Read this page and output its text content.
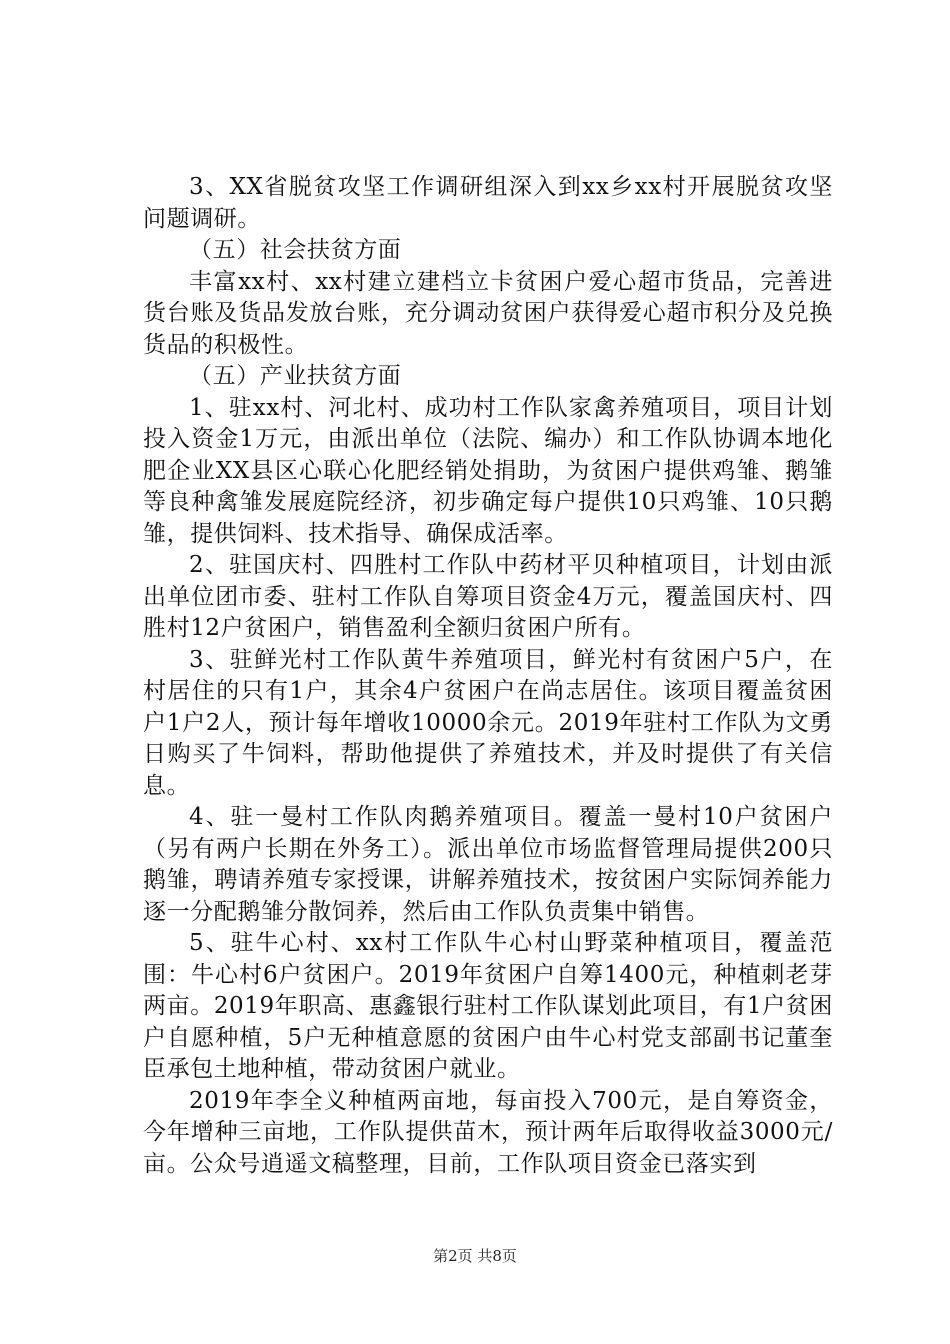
3、XX省脱贫攻坚工作调研组深入到xx乡xx村开展脱贫攻坚问题调研。

（五）社会扶贫方面

丰富xx村、xx村建立建档立卡贫困户爱心超市货品，完善进货台账及货品发放台账，充分调动贫困户获得爱心超市积分及兑换货品的积极性。

（五）产业扶贫方面

1、驻xx村、河北村、成功村工作队家禽养殖项目，项目计划投入资金1万元，由派出单位（法院、编办）和工作队协调本地化肥企业XX县区心联心化肥经销处捐助，为贫困户提供鸡雏、鹅雏等良种禽雏发展庭院经济，初步确定每户提供10只鸡雏、10只鹅雏，提供饲料、技术指导、确保成活率。

2、驻国庆村、四胜村工作队中药材平贝种植项目，计划由派出单位团市委、驻村工作队自筹项目资金4万元，覆盖国庆村、四胜村12户贫困户，销售盈利全额归贫困户所有。

3、驻鲜光村工作队黄牛养殖项目，鲜光村有贫困户5户，在村居住的只有1户，其余4户贫困户在尚志居住。该项目覆盖贫困户1户2人，预计每年增收10000余元。2019年驻村工作队为文勇日购买了牛饲料，帮助他提供了养殖技术，并及时提供了有关信息。

4、驻一曼村工作队肉鹅养殖项目。覆盖一曼村10户贫困户（另有两户长期在外务工）。派出单位市场监督管理局提供200只鹅雏，聘请养殖专家授课，讲解养殖技术，按贫困户实际饲养能力逐一分配鹅雏分散饲养，然后由工作队负责集中销售。

5、驻牛心村、xx村工作队牛心村山野菜种植项目，覆盖范围：牛心村6户贫困户。2019年贫困户自筹1400元，种植刺老芽两亩。2019年职高、惠鑫银行驻村工作队谋划此项目，有1户贫困户自愿种植，5户无种植意愿的贫困户由牛心村党支部副书记董奎臣承包土地种植，带动贫困户就业。

2019年李全义种植两亩地，每亩投入700元，是自筹资金，今年增种三亩地，工作队提供苗木，预计两年后取得收益3000元/亩。公众号逍遥文稿整理，目前，工作队项目资金已落实到

第2页 共8页
